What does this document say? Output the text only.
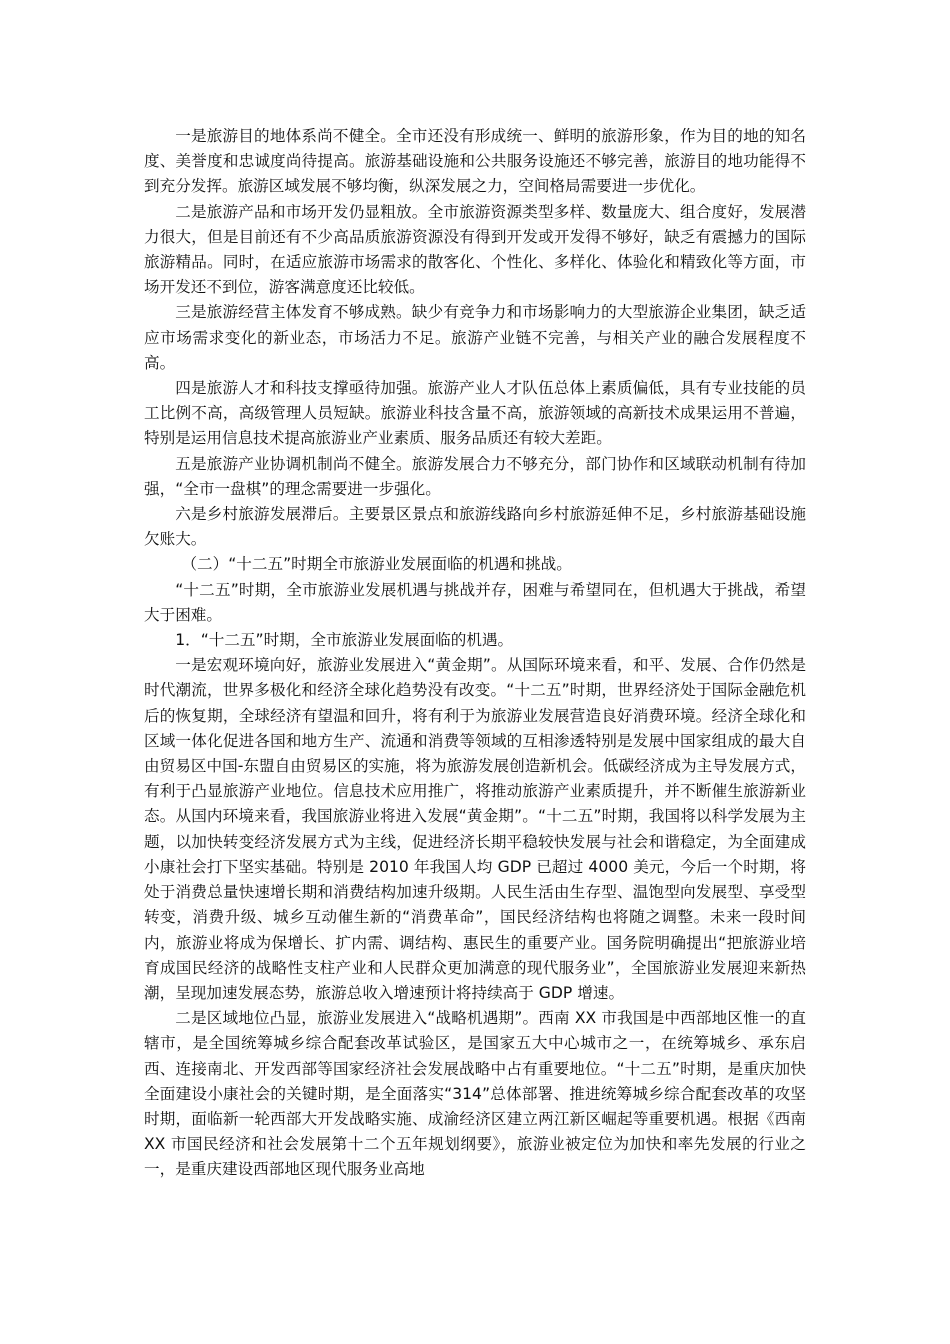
一是旅游目的地体系尚不健全。全市还没有形成统一、鲜明的旅游形象，作为目的地的知名度、美誉度和忠诚度尚待提高。旅游基础设施和公共服务设施还不够完善，旅游目的地功能得不到充分发挥。旅游区域发展不够均衡，纵深发展之力，空间格局需要进一步优化。

二是旅游产品和市场开发仍显粗放。全市旅游资源类型多样、数量庞大、组合度好，发展潜力很大，但是目前还有不少高品质旅游资源没有得到开发或开发得不够好，缺乏有震撼力的国际旅游精品。同时，在适应旅游市场需求的散客化、个性化、多样化、体验化和精致化等方面，市场开发还不到位，游客满意度还比较低。

三是旅游经营主体发育不够成熟。缺少有竞争力和市场影响力的大型旅游企业集团，缺乏适应市场需求变化的新业态，市场活力不足。旅游产业链不完善，与相关产业的融合发展程度不高。

四是旅游人才和科技支撑亟待加强。旅游产业人才队伍总体上素质偏低，具有专业技能的员工比例不高，高级管理人员短缺。旅游业科技含量不高，旅游领域的高新技术成果运用不普遍，特别是运用信息技术提高旅游业产业素质、服务品质还有较大差距。

五是旅游产业协调机制尚不健全。旅游发展合力不够充分，部门协作和区域联动机制有待加强，“全市一盘棋”的理念需要进一步强化。

六是乡村旅游发展滞后。主要景区景点和旅游线路向乡村旅游延伸不足，乡村旅游基础设施欠账大。

（二）“十二五”时期全市旅游业发展面临的机遇和挑战。

“十二五”时期，全市旅游业发展机遇与挑战并存，困难与希望同在，但机遇大于挑战，希望大于困难。

1．“十二五”时期，全市旅游业发展面临的机遇。

一是宏观环境向好，旅游业发展进入“黄金期”。从国际环境来看，和平、发展、合作仍然是时代潮流，世界多极化和经济全球化趋势没有改变。“十二五”时期，世界经济处于国际金融危机后的恢复期，全球经济有望温和回升，将有利于为旅游业发展营造良好消费环境。经济全球化和区域一体化促进各国和地方生产、流通和消费等领域的互相渗透特别是发展中国家组成的最大自由贸易区中国-东盟自由贸易区的实施，将为旅游发展创造新机会。低碳经济成为主导发展方式，有利于凸显旅游产业地位。信息技术应用推广，将推动旅游产业素质提升，并不断催生旅游新业态。从国内环境来看，我国旅游业将进入发展“黄金期”。“十二五”时期，我国将以科学发展为主题，以加快转变经济发展方式为主线，促进经济长期平稳较快发展与社会和谐稳定，为全面建成小康社会打下坚实基础。特别是 2010 年我国人均 GDP 已超过 4000 美元，今后一个时期，将处于消费总量快速增长期和消费结构加速升级期。人民生活由生存型、温饱型向发展型、享受型转变，消费升级、城乡互动催生新的“消费革命”，国民经济结构也将随之调整。未来一段时间内，旅游业将成为保增长、扩内需、调结构、惠民生的重要产业。国务院明确提出“把旅游业培育成国民经济的战略性支柱产业和人民群众更加满意的现代服务业”，全国旅游业发展迎来新热潮，呈现加速发展态势，旅游总收入增速预计将持续高于 GDP 增速。

二是区域地位凸显，旅游业发展进入“战略机遇期”。西南 XX 市我国是中西部地区惟一的直辖市，是全国统筹城乡综合配套改革试验区，是国家五大中心城市之一，在统筹城乡、承东启西、连接南北、开发西部等国家经济社会发展战略中占有重要地位。“十二五”时期，是重庆加快全面建设小康社会的关键时期，是全面落实“314”总体部署、推进统筹城乡综合配套改革的攻坚时期，面临新一轮西部大开发战略实施、成渝经济区建立两江新区崛起等重要机遇。根据《西南 XX 市国民经济和社会发展第十二个五年规划纲要》，旅游业被定位为加快和率先发展的行业之一，是重庆建设西部地区现代服务业高地
